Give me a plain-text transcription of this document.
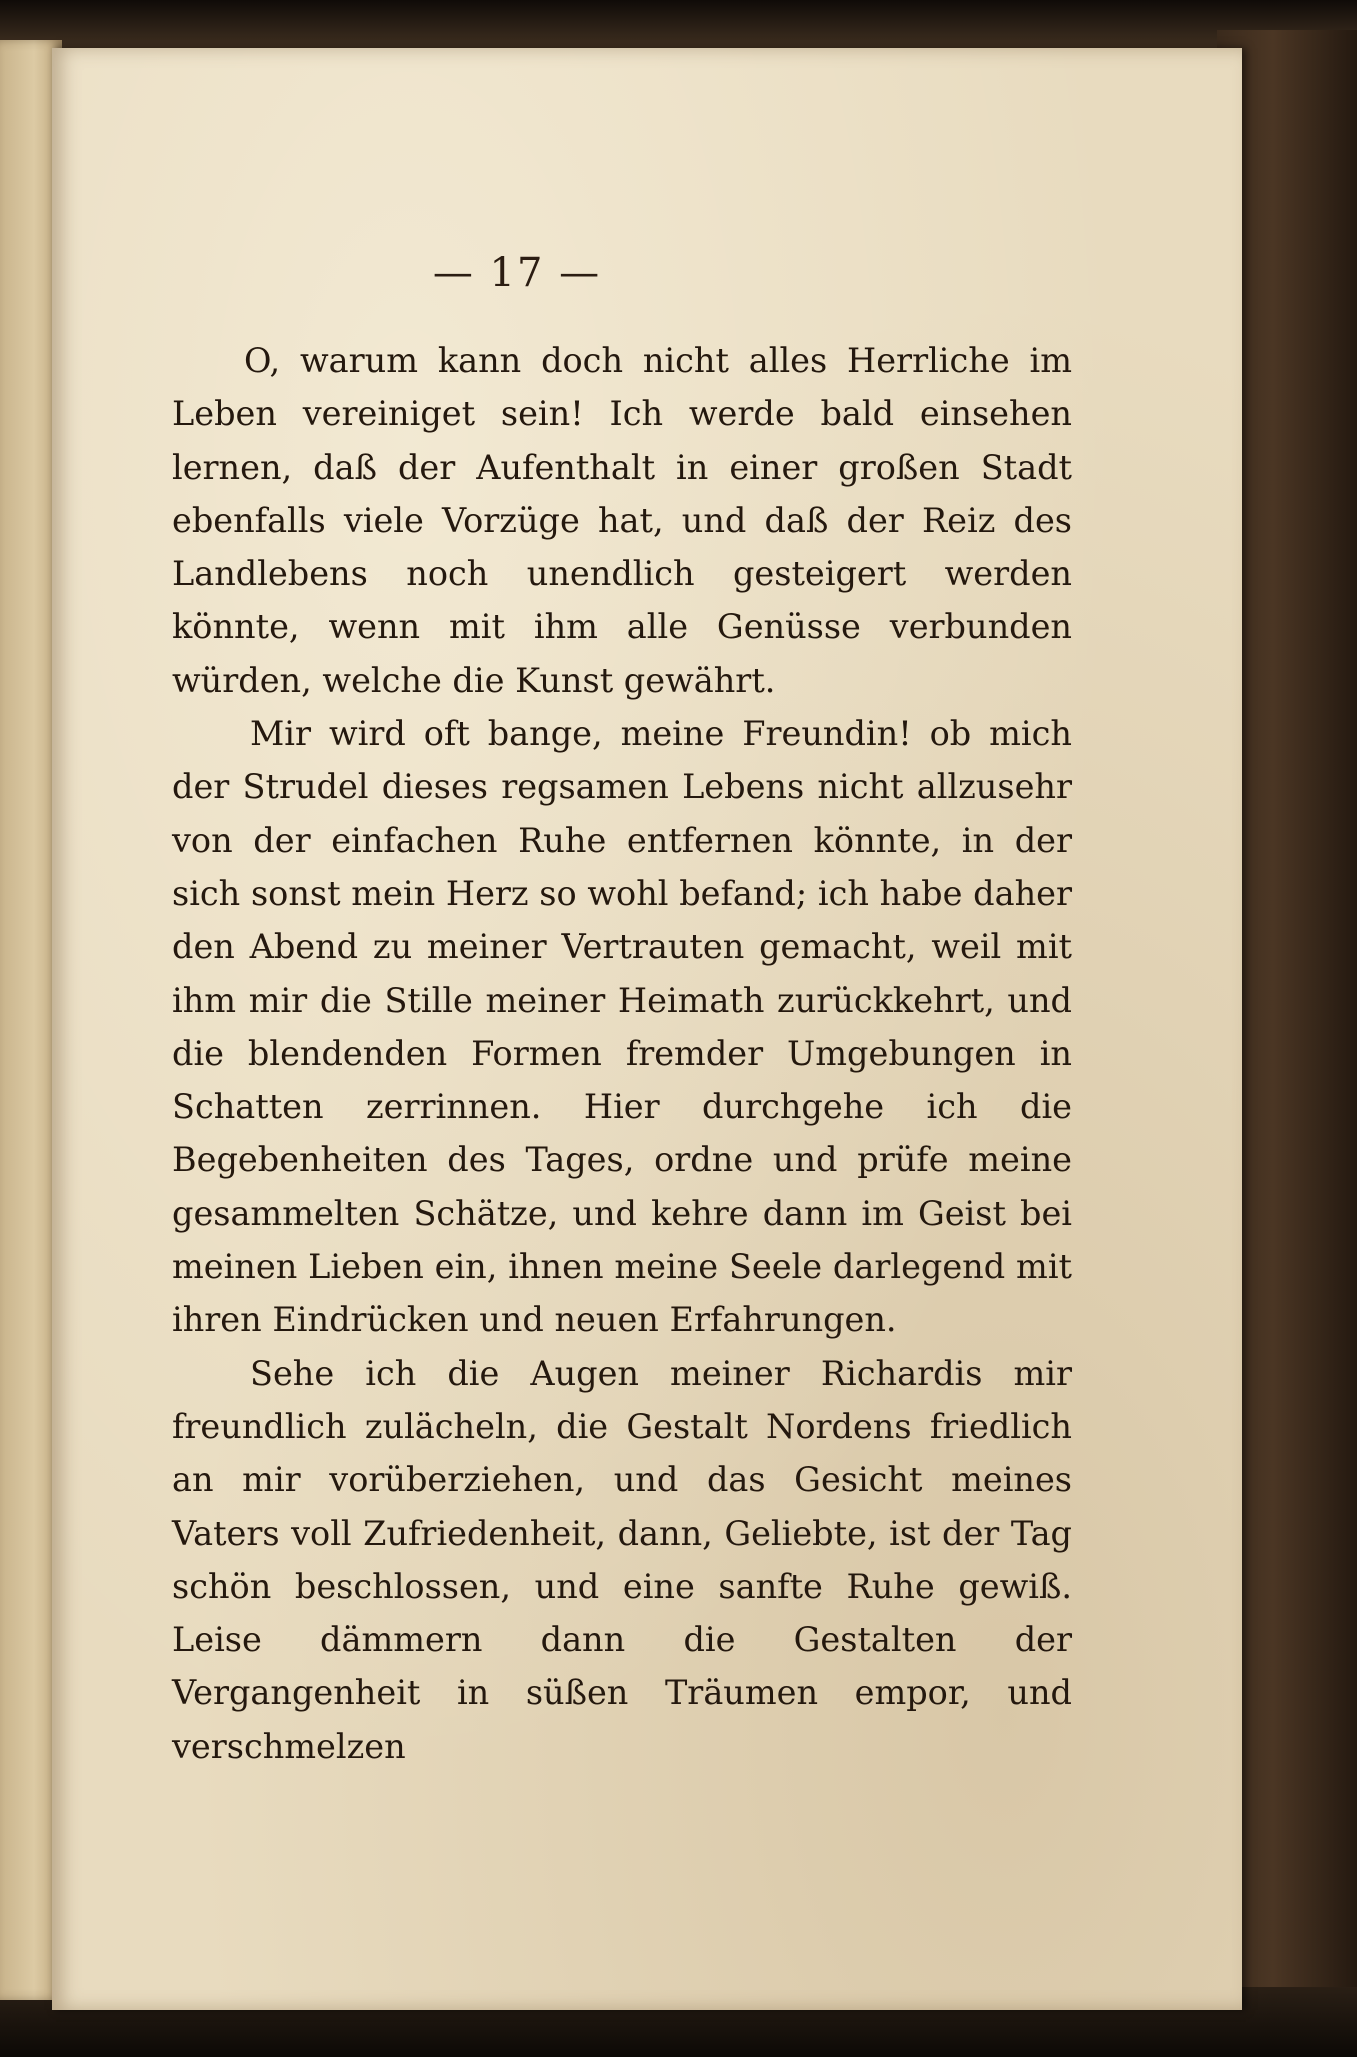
— 17 —

O, warum kann doch nicht alles Herrliche im Leben vereiniget sein! Ich werde bald einsehen lernen, daß der Aufenthalt in einer großen Stadt ebenfalls viele Vorzüge hat, und daß der Reiz des Landlebens noch unendlich gesteigert werden könnte, wenn mit ihm alle Genüsse verbunden würden, welche die Kunst gewährt.

Mir wird oft bange, meine Freundin! ob mich der Strudel dieses regsamen Lebens nicht allzusehr von der einfachen Ruhe entfernen könnte, in der sich sonst mein Herz so wohl befand; ich habe daher den Abend zu meiner Vertrauten gemacht, weil mit ihm mir die Stille meiner Heimath zurückkehrt, und die blendenden Formen fremder Umgebungen in Schatten zerrinnen. Hier durchgehe ich die Begebenheiten des Tages, ordne und prüfe meine gesammelten Schätze, und kehre dann im Geist bei meinen Lieben ein, ihnen meine Seele darlegend mit ihren Eindrücken und neuen Erfahrungen.

Sehe ich die Augen meiner Richardis mir freundlich zulächeln, die Gestalt Nordens friedlich an mir vorüberziehen, und das Gesicht meines Vaters voll Zufriedenheit, dann, Geliebte, ist der Tag schön beschlossen, und eine sanfte Ruhe gewiß. Leise dämmern dann die Gestalten der Vergangenheit in süßen Träumen empor, und verschmelzen
